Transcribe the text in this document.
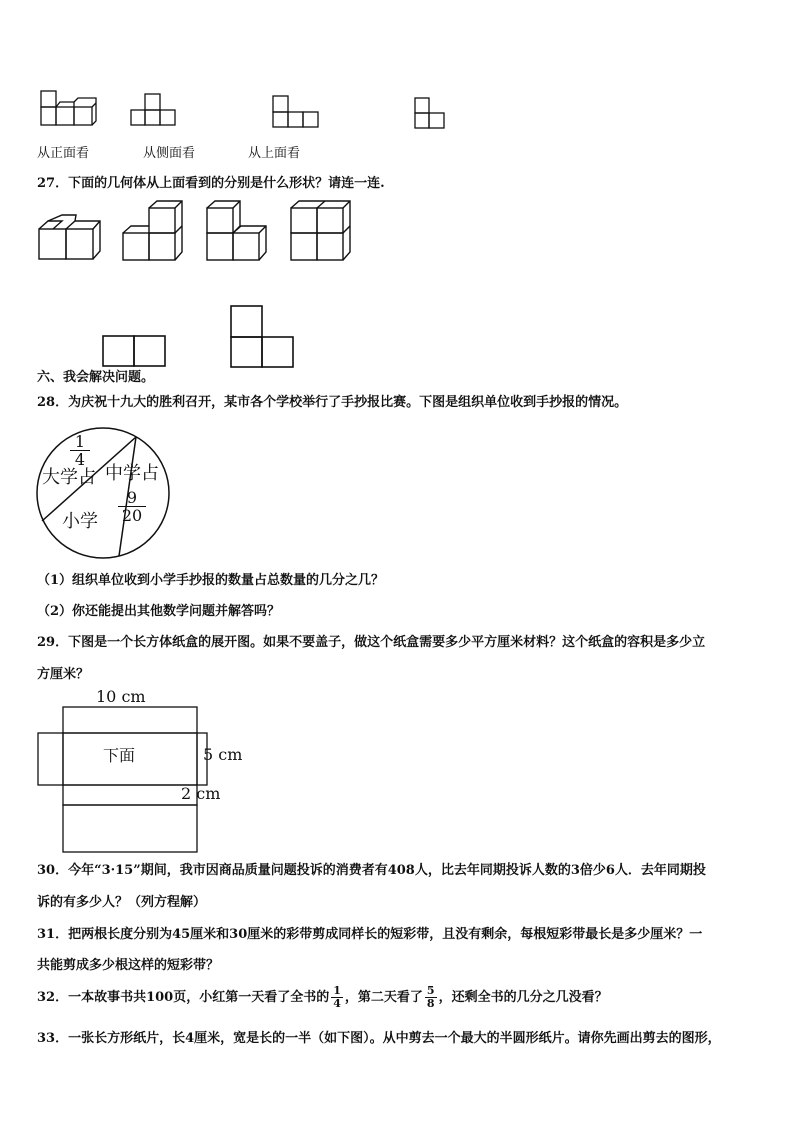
从正面看	从侧面看	从上面看
27．下面的几何体从上面看到的分别是什么形状？请连一连.
六、我会解决问题。
28．为庆祝十九大的胜利召开，某市各个学校举行了手抄报比赛。下图是组织单位收到手抄报的情况。
$\frac{1}{4}$
大学占 中学占
$\frac{9}{20}$
小学
（1）组织单位收到小学手抄报的数量占总数量的几分之几？
（2）你还能提出其他数学问题并解答吗？
29．下图是一个长方体纸盒的展开图。如果不要盖子，做这个纸盒需要多少平方厘米材料？这个纸盒的容积是多少立
方厘米？
10 cm
下面	5 cm
2 cm
30．今年“3·15”期间，我市因商品质量问题投诉的消费者有408人，比去年同期投诉人数的3倍少6人．去年同期投
诉的有多少人？（列方程解）
31．把两根长度分别为45厘米和30厘米的彩带剪成同样长的短彩带，且没有剩余，每根短彩带最长是多少厘米？一
共能剪成多少根这样的短彩带？
32．一本故事书共100页，小红第一天看了全书的 $\frac{1}{4}$ ，第二天看了 $\frac{5}{8}$ ，还剩全书的几分之几没看？
33．一张长方形纸片，长4厘米，宽是长的一半（如下图）。从中剪去一个最大的半圆形纸片。请你先画出剪去的图形，
